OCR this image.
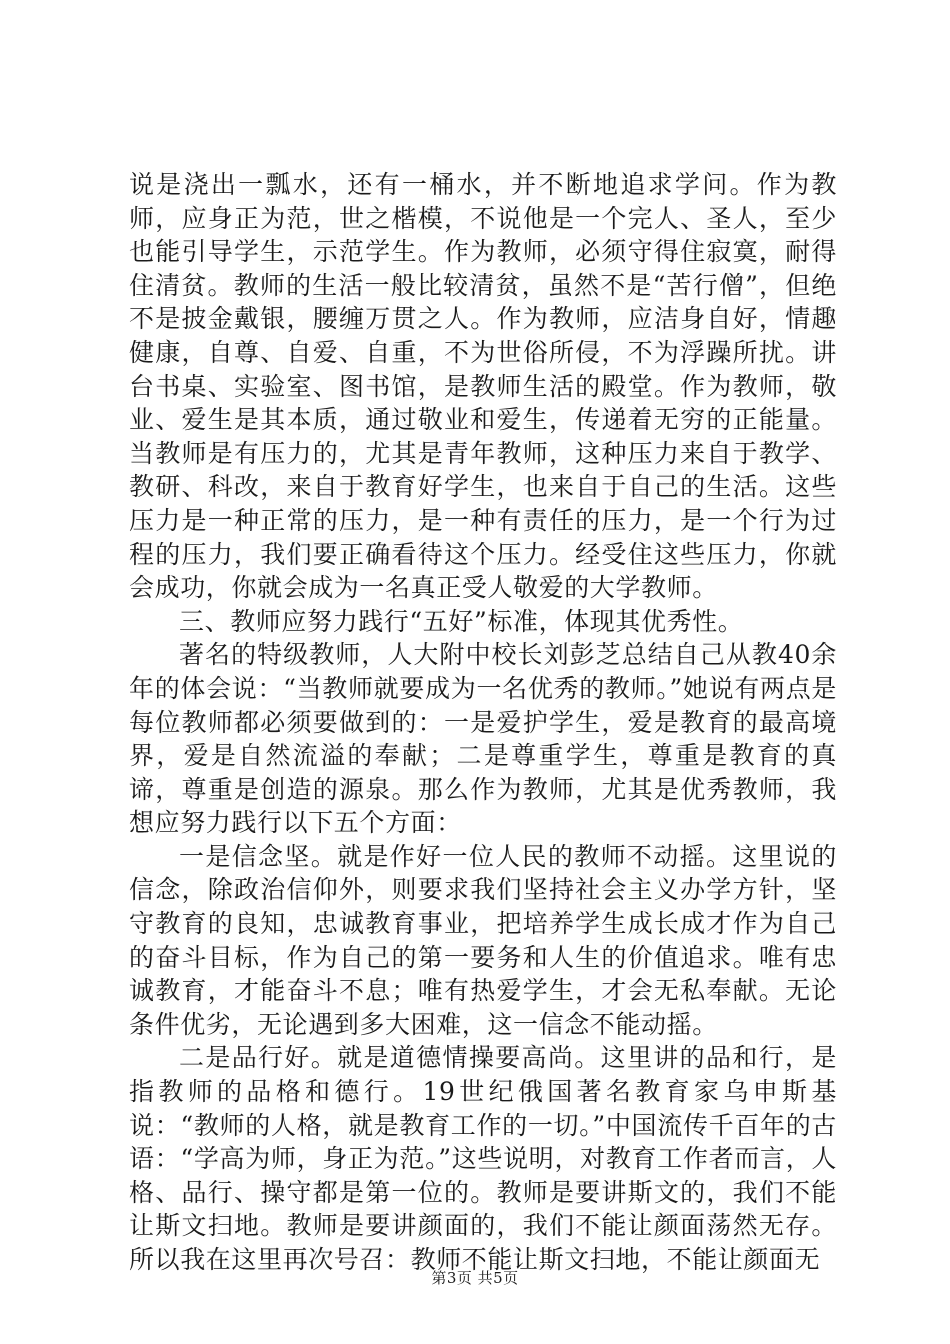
说是浇出一瓢水，还有一桶水，并不断地追求学问。作为教师，应身正为范，世之楷模，不说他是一个完人、圣人，至少也能引导学生，示范学生。作为教师，必须守得住寂寞，耐得住清贫。教师的生活一般比较清贫，虽然不是“苦行僧”，但绝不是披金戴银，腰缠万贯之人。作为教师，应洁身自好，情趣健康，自尊、自爱、自重，不为世俗所侵，不为浮躁所扰。讲台书桌、实验室、图书馆，是教师生活的殿堂。作为教师，敬业、爱生是其本质，通过敬业和爱生，传递着无穷的正能量。当教师是有压力的，尤其是青年教师，这种压力来自于教学、教研、科改，来自于教育好学生，也来自于自己的生活。这些压力是一种正常的压力，是一种有责任的压力，是一个行为过程的压力，我们要正确看待这个压力。经受住这些压力，你就会成功，你就会成为一名真正受人敬爱的大学教师。

三、教师应努力践行“五好”标准，体现其优秀性。

著名的特级教师，人大附中校长刘彭芝总结自己从教40余年的体会说：“当教师就要成为一名优秀的教师。”她说有两点是每位教师都必须要做到的：一是爱护学生，爱是教育的最高境界，爱是自然流溢的奉献；二是尊重学生，尊重是教育的真谛，尊重是创造的源泉。那么作为教师，尤其是优秀教师，我想应努力践行以下五个方面：

一是信念坚。就是作好一位人民的教师不动摇。这里说的信念，除政治信仰外，则要求我们坚持社会主义办学方针，坚守教育的良知，忠诚教育事业，把培养学生成长成才作为自己的奋斗目标，作为自己的第一要务和人生的价值追求。唯有忠诚教育，才能奋斗不息；唯有热爱学生，才会无私奉献。无论条件优劣，无论遇到多大困难，这一信念不能动摇。

二是品行好。就是道德情操要高尚。这里讲的品和行，是指教师的品格和德行。19世纪俄国著名教育家乌申斯基说：“教师的人格，就是教育工作的一切。”中国流传千百年的古语：“学高为师，身正为范。”这些说明，对教育工作者而言，人格、品行、操守都是第一位的。教师是要讲斯文的，我们不能让斯文扫地。教师是要讲颜面的，我们不能让颜面荡然无存。所以我在这里再次号召：教师不能让斯文扫地，不能让颜面无

第3页 共5页
